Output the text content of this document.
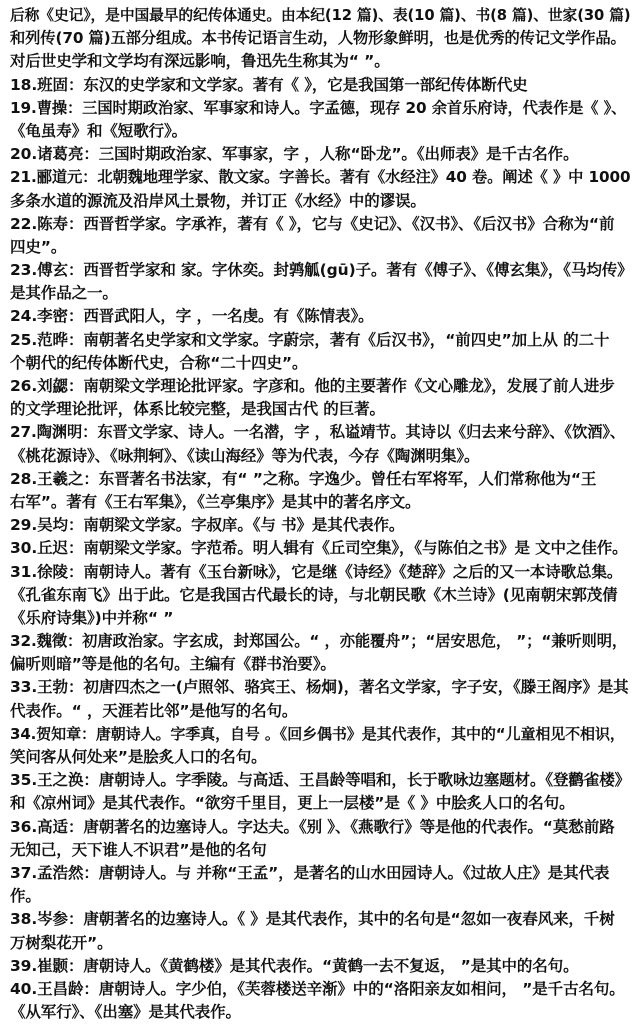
后称《史记》，是中国最早的纪传体通史。由本纪(12 篇)、表(10 篇)、书(8 篇)、世家(30 篇)
和列传(70 篇)五部分组成。本书传记语言生动，人物形象鲜明，也是优秀的传记文学作品。
对后世史学和文学均有深远影响，鲁迅先生称其为“ ”。
18.班固：东汉的史学家和文学家。著有《 》，它是我国第一部纪传体断代史
19.曹操：三国时期政治家、军事家和诗人。字孟德，现存 20 余首乐府诗，代表作是《 》、
《龟虽寿》和《短歌行》。
20.诸葛亮：三国时期政治家、军事家，字 ，人称“卧龙”。《出师表》是千古名作。
21.郦道元：北朝魏地理学家、散文家。字善长。著有《水经注》40 卷。阐述《 》中 1000
多条水道的源流及沿岸风土景物，并订正《水经》中的谬误。
22.陈寿：西晋哲学家。字承祚，著有《 》，它与《史记》、《汉书》、《后汉书》合称为“前
四史”。
23.傅玄：西晋哲学家和 家。字休奕。封鹑觚(gū)子。著有《傅子》、《傅玄集》，《马均传》
是其作品之一。
24.李密：西晋武阳人，字 ，一名虔。有《陈情表》。
25.范晔：南朝著名史学家和文学家。字蔚宗，著有《后汉书》，“前四史”加上从 的二十
个朝代的纪传体断代史，合称“二十四史”。
26.刘勰：南朝梁文学理论批评家。字彦和。他的主要著作《文心雕龙》，发展了前人进步
的文学理论批评，体系比较完整，是我国古代 的巨著。
27.陶渊明：东晋文学家、诗人。一名潜，字 ，私谥靖节。其诗以《归去来兮辞》、《饮酒》、
《桃花源诗》、《咏荆轲》、《读山海经》等为代表，今存《陶渊明集》。
28.王羲之：东晋著名书法家，有“ ”之称。字逸少。曾任右军将军，人们常称他为“王
右军”。著有《王右军集》，《兰亭集序》是其中的著名序文。
29.吴均：南朝梁文学家。字叔庠。《与 书》是其代表作。
30.丘迟：南朝梁文学家。字范希。明人辑有《丘司空集》，《与陈伯之书》是 文中之佳作。
31.徐陵：南朝诗人。著有《玉台新咏》，它是继《诗经》《楚辞》之后的又一本诗歌总集。
《孔雀东南飞》出于此。它是我国古代最长的诗，与北朝民歌《木兰诗》(见南朝宋郭茂倩
《乐府诗集》)中并称“ ”
32.魏徵：初唐政治家。字玄成，封郑国公。“ ，亦能覆舟”；“居安思危， ”；“兼听则明，
偏听则暗”等是他的名句。主编有《群书治要》。
33.王勃：初唐四杰之一(卢照邻、骆宾王、杨炯)，著名文学家，字子安，《滕王阁序》是其
代表作。“ ，天涯若比邻”是他写的名句。
34.贺知章：唐朝诗人。字季真，自号 。《回乡偶书》是其代表作，其中的“儿童相见不相识，
笑问客从何处来”是脍炙人口的名句。
35.王之涣：唐朝诗人。字季陵。与高适、王昌龄等唱和，长于歌咏边塞题材。《登鹳雀楼》
和《凉州词》是其代表作。“欲穷千里目，更上一层楼”是《 》中脍炙人口的名句。
36.高适：唐朝著名的边塞诗人。字达夫。《别 》、《燕歌行》等是他的代表作。“莫愁前路
无知己，天下谁人不识君”是他的名句
37.孟浩然：唐朝诗人。与 并称“王孟”，是著名的山水田园诗人。《过故人庄》是其代表
作。
38.岑参：唐朝著名的边塞诗人。《 》是其代表作，其中的名句是“忽如一夜春风来，千树
万树梨花开”。
39.崔颢：唐朝诗人。《黄鹤楼》是其代表作。“黄鹤一去不复返， ”是其中的名句。
40.王昌龄：唐朝诗人。字少伯，《芙蓉楼送辛渐》中的“洛阳亲友如相问， ”是千古名句。
《从军行》、《出塞》是其代表作。
